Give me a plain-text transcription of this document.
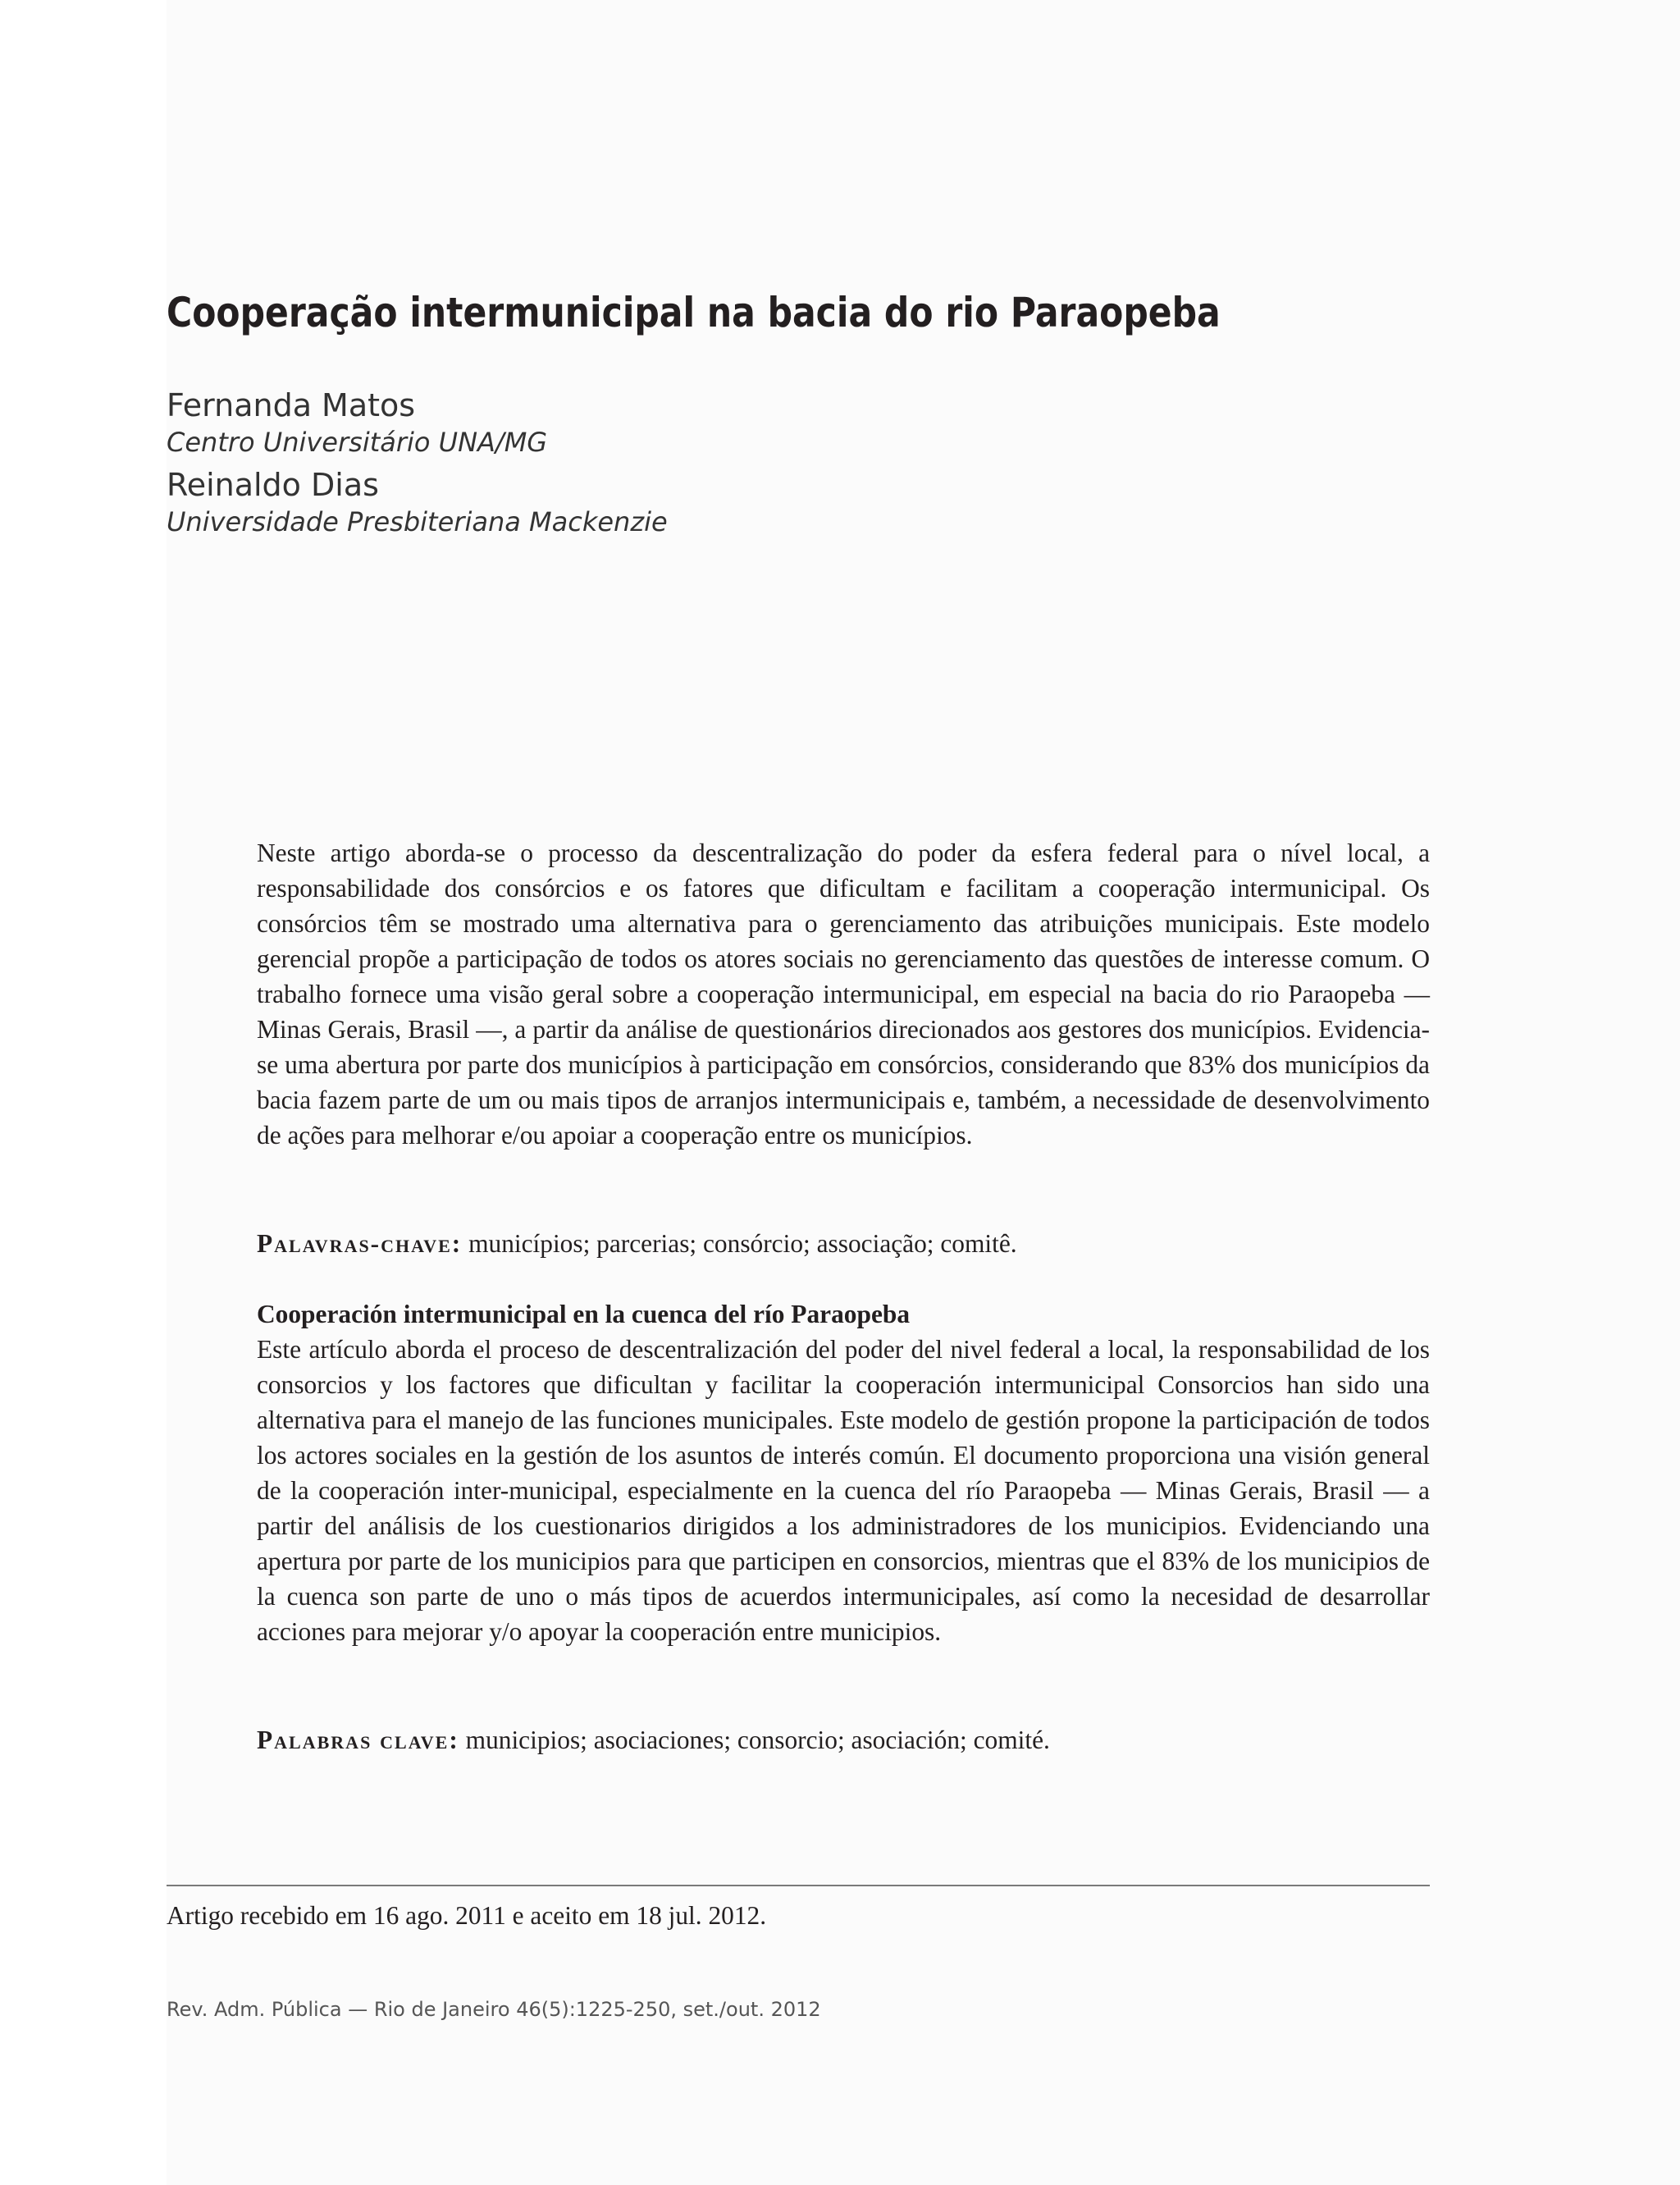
Cooperação intermunicipal na bacia do rio Paraopeba

Fernanda Matos

Centro Universitário UNA/MG

Reinaldo Dias

Universidade Presbiteriana Mackenzie

Neste artigo aborda-se o processo da descentralização do poder da esfera federal para o nível local, a responsabilidade dos consórcios e os fatores que dificultam e facilitam a cooperação intermunicipal. Os consórcios têm se mostrado uma alternativa para o gerenciamento das atribuições municipais. Este modelo gerencial propõe a participação de todos os atores sociais no gerenciamento das questões de interesse comum. O trabalho fornece uma visão geral sobre a cooperação intermunicipal, em especial na bacia do rio Paraopeba — Minas Gerais, Brasil —, a partir da análise de questionários direcionados aos gestores dos municípios. Evidencia-se uma abertura por parte dos municípios à participação em consórcios, considerando que 83% dos municípios da bacia fazem parte de um ou mais tipos de arranjos intermunicipais e, também, a necessidade de desenvolvimento de ações para melhorar e/ou apoiar a cooperação entre os municípios.

Palavras-chave: municípios; parcerias; consórcio; associação; comitê.

Cooperación intermunicipal en la cuenca del río Paraopeba

Este artículo aborda el proceso de descentralización del poder del nivel federal a local, la responsabilidad de los consorcios y los factores que dificultan y facilitar la cooperación intermunicipal Consorcios han sido una alternativa para el manejo de las funciones municipales. Este modelo de gestión propone la participación de todos los actores sociales en la gestión de los asuntos de interés común. El documento proporciona una visión general de la cooperación inter-municipal, especialmente en la cuenca del río Paraopeba — Minas Gerais, Brasil — a partir del análisis de los cuestionarios dirigidos a los administradores de los municipios. Evidenciando una apertura por parte de los municipios para que participen en consorcios, mientras que el 83% de los municipios de la cuenca son parte de uno o más tipos de acuerdos intermunicipales, así como la necesidad de desarrollar acciones para mejorar y/o apoyar la cooperación entre municipios.

Palabras clave: municipios; asociaciones; consorcio; asociación; comité.

Artigo recebido em 16 ago. 2011 e aceito em 18 jul. 2012.

Rev. Adm. Pública — Rio de Janeiro 46(5):1225-250, set./out. 2012
